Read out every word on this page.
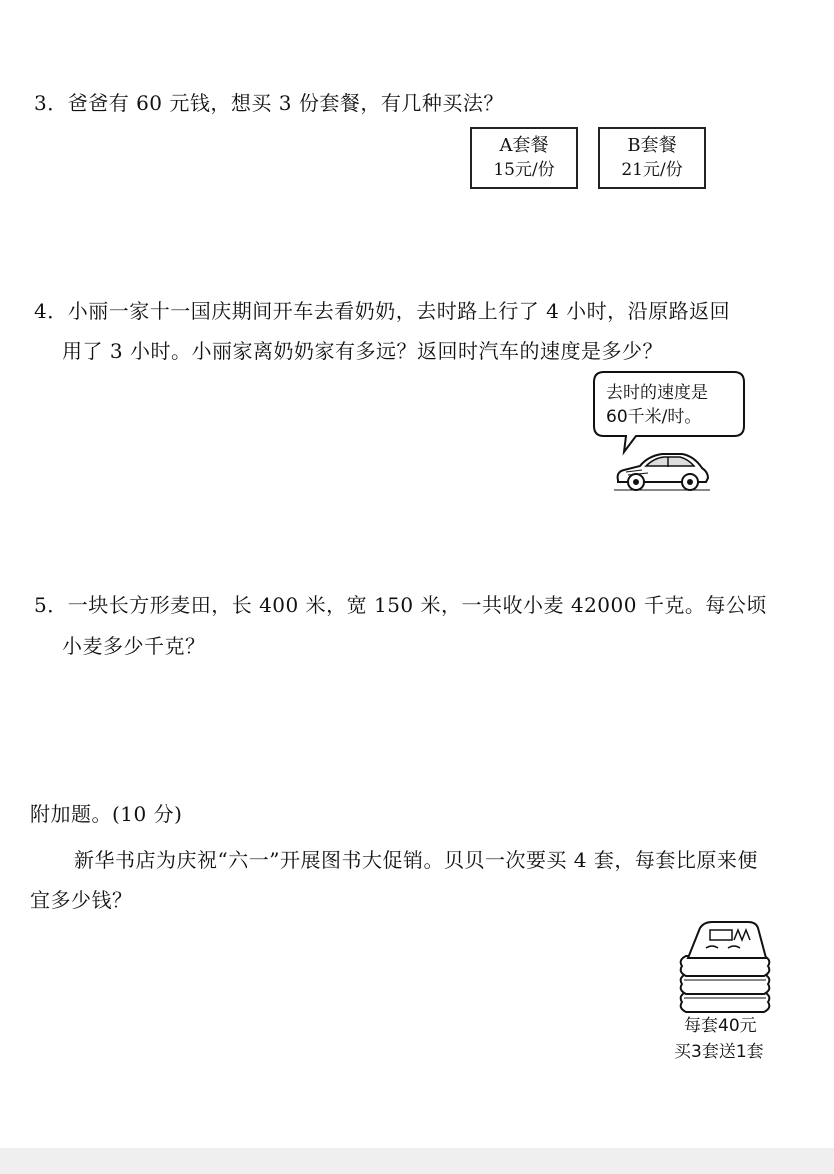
3．爸爸有 60 元钱，想买 3 份套餐，有几种买法？
A套餐
15元/份
B套餐
21元/份
4．小丽一家十一国庆期间开车去看奶奶，去时路上行了 4 小时，沿原路返回
用了 3 小时。小丽家离奶奶家有多远？返回时汽车的速度是多少？
去时的速度是
60千米/时。
5．一块长方形麦田，长 400 米，宽 150 米，一共收小麦 42000 千克。每公顷
小麦多少千克？
附加题。(10 分)
新华书店为庆祝“六一”开展图书大促销。贝贝一次要买 4 套，每套比原来便
宜多少钱？
每套40元
买3套送1套
